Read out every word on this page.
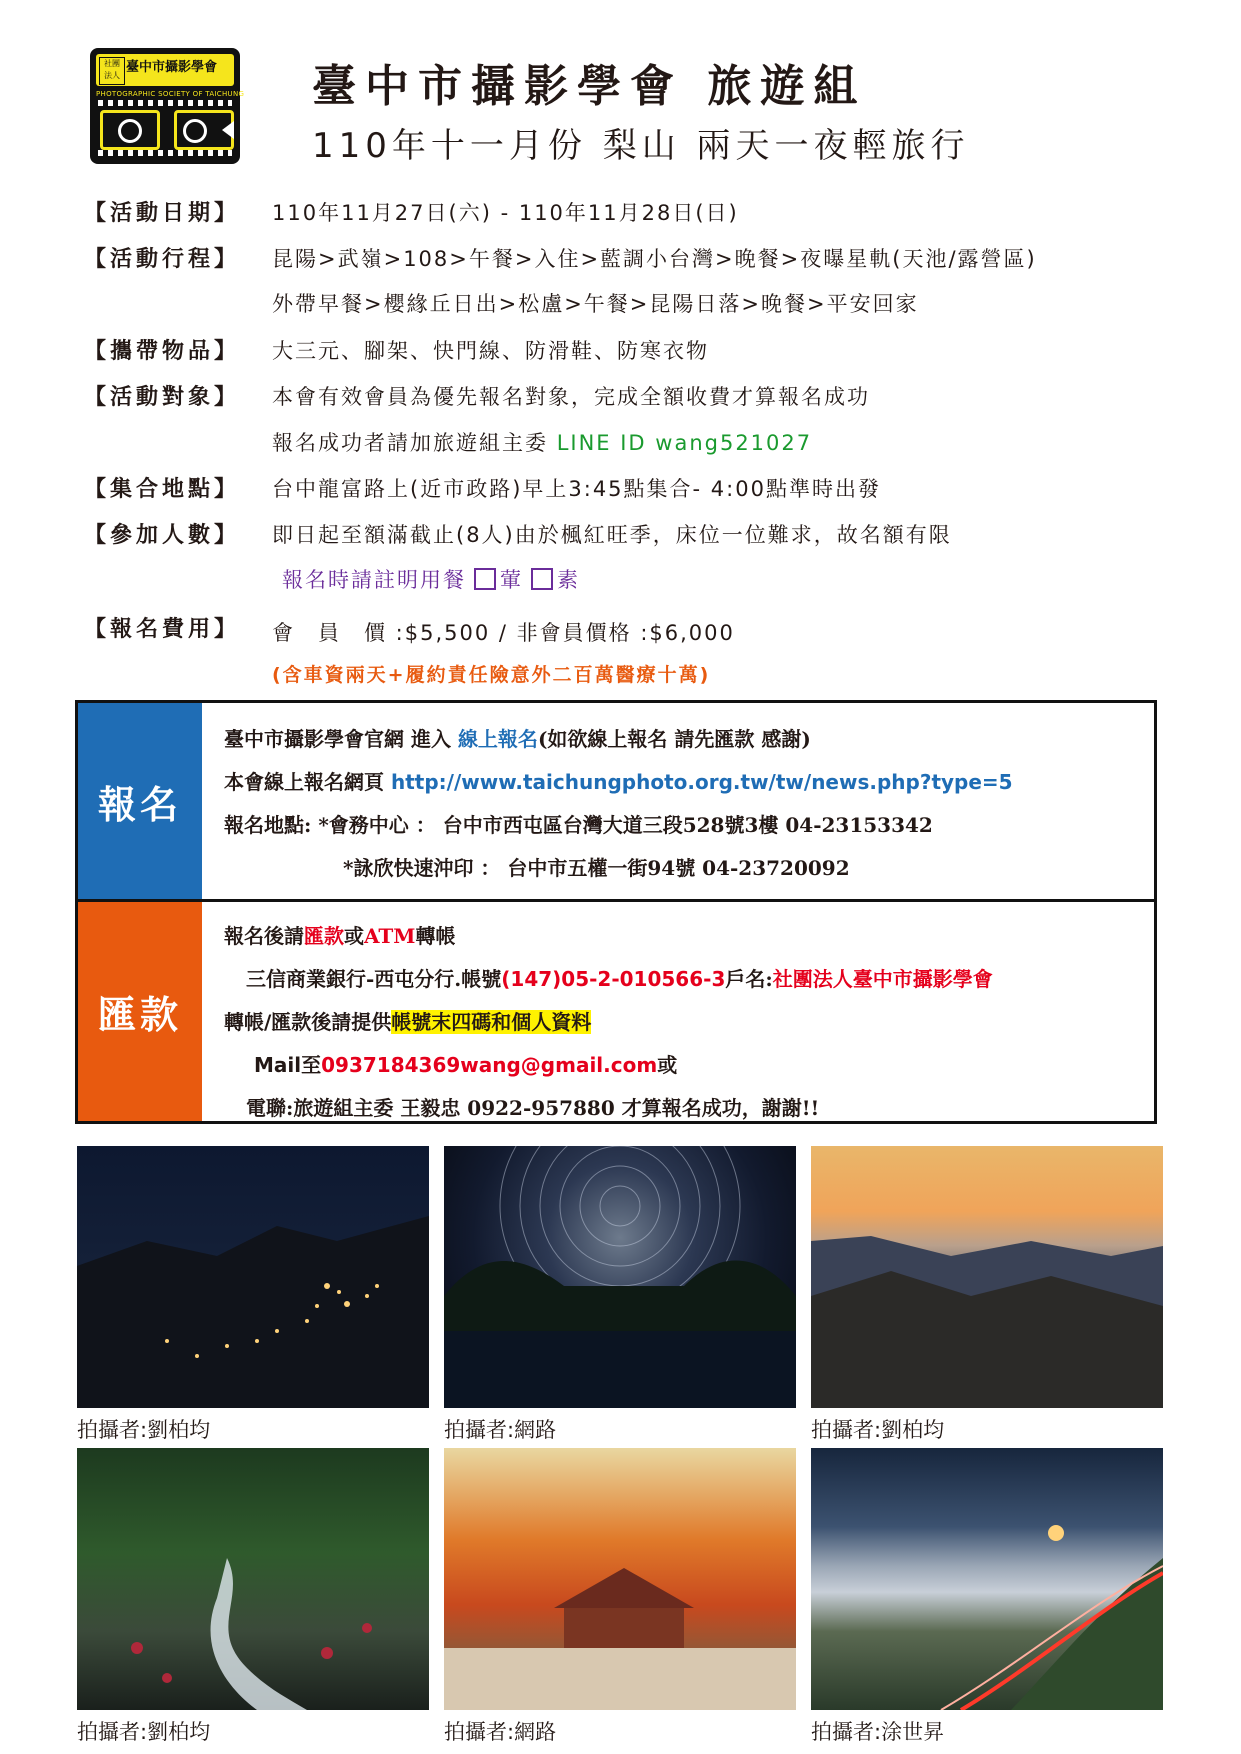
社團
法人
臺中市攝影學會
PHOTOGRAPHIC SOCIETY OF TAICHUNG 臺中市攝影學會 旅遊組
110年十一月份 梨山 兩天一夜輕旅行
【活動日期】 110年11月27日(六) - 110年11月28日(日)
【活動行程】 昆陽>武嶺>108>午餐>入住>藍調小台灣>晚餐>夜曝星軌(天池/露營區)
外帶早餐>櫻緣丘日出>松盧>午餐>昆陽日落>晚餐>平安回家
【攜帶物品】 大三元、腳架、快門線、防滑鞋、防寒衣物
【活動對象】 本會有效會員為優先報名對象，完成全額收費才算報名成功
報名成功者請加旅遊組主委 LINE ID wang521027
【集合地點】 台中龍富路上(近市政路)早上3:45點集合- 4:00點準時出發
【參加人數】 即日起至額滿截止(8人)由於楓紅旺季，床位一位難求，故名額有限
報名時請註明用餐 葷 素
【報名費用】 會　員　價 :$5,500 / 非會員價格 :$6,000
(含車資兩天+履約責任險意外二百萬醫療十萬)
報名
臺中市攝影學會官網 進入 線上報名(如欲線上報名 請先匯款 感謝)
本會線上報名網頁 http://www.taichungphoto.org.tw/tw/news.php?type=5
報名地點: *會務中心 ： 台中市西屯區台灣大道三段528號3樓 04-23153342
*詠欣快速沖印 ： 台中市五權一街94號 04-23720092
匯款
報名後請匯款或ATM轉帳
三信商業銀行-西屯分行.帳號(147)05-2-010566-3戶名:社團法人臺中市攝影學會
轉帳/匯款後請提供帳號末四碼和個人資料
Mail至0937184369wang@gmail.com或
電聯:旅遊組主委 王毅忠 0922-957880 才算報名成功，謝謝!!
拍攝者:劉柏均	拍攝者:網路	拍攝者:劉柏均
拍攝者:劉柏均	拍攝者:網路	拍攝者:涂世昇
